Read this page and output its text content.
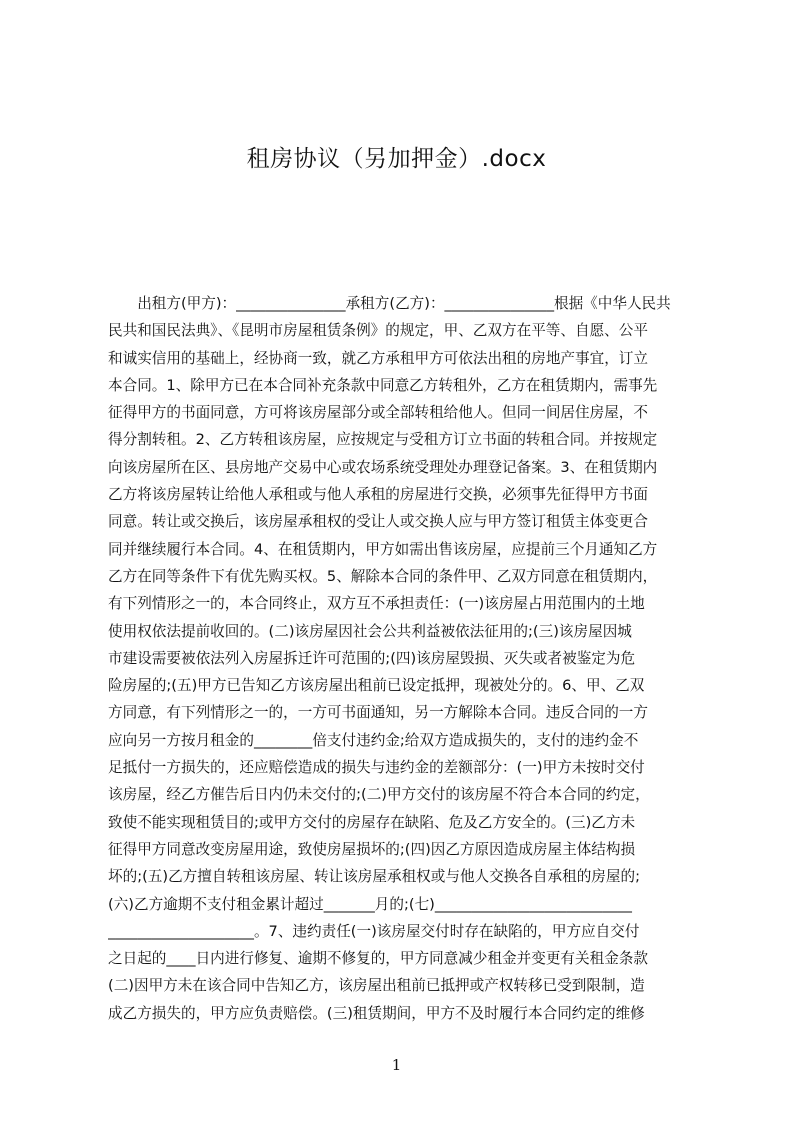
租房协议（另加押金）.docx
　　出租方(甲方)：_______________承租方(乙方)：_______________根据《中华人民共
民共和国民法典》、《昆明市房屋租赁条例》的规定，甲、乙双方在平等、自愿、公平
和诚实信用的基础上，经协商一致，就乙方承租甲方可依法出租的房地产事宜，订立
本合同。1、除甲方已在本合同补充条款中同意乙方转租外，乙方在租赁期内，需事先
征得甲方的书面同意，方可将该房屋部分或全部转租给他人。但同一间居住房屋，不
得分割转租。2、乙方转租该房屋，应按规定与受租方订立书面的转租合同。并按规定
向该房屋所在区、县房地产交易中心或农场系统受理处办理登记备案。3、在租赁期内
乙方将该房屋转让给他人承租或与他人承租的房屋进行交换，必须事先征得甲方书面
同意。转让或交换后，该房屋承租权的受让人或交换人应与甲方签订租赁主体变更合
同并继续履行本合同。4、在租赁期内，甲方如需出售该房屋，应提前三个月通知乙方
乙方在同等条件下有优先购买权。5、解除本合同的条件甲、乙双方同意在租赁期内，
有下列情形之一的，本合同终止，双方互不承担责任：(一)该房屋占用范围内的土地
使用权依法提前收回的。(二)该房屋因社会公共利益被依法征用的;(三)该房屋因城
市建设需要被依法列入房屋拆迁许可范围的;(四)该房屋毁损、灭失或者被鉴定为危
险房屋的;(五)甲方已告知乙方该房屋出租前已设定抵押，现被处分的。6、甲、乙双
方同意，有下列情形之一的，一方可书面通知，另一方解除本合同。违反合同的一方
应向另一方按月租金的________倍支付违约金;给双方造成损失的，支付的违约金不
足抵付一方损失的，还应赔偿造成的损失与违约金的差额部分：(一)甲方未按时交付
该房屋，经乙方催告后日内仍未交付的;(二)甲方交付的该房屋不符合本合同的约定，
致使不能实现租赁目的;或甲方交付的房屋存在缺陷、危及乙方安全的。(三)乙方未
征得甲方同意改变房屋用途，致使房屋损坏的;(四)因乙方原因造成房屋主体结构损
坏的;(五)乙方擅自转租该房屋、转让该房屋承租权或与他人交换各自承租的房屋的;
(六)乙方逾期不支付租金累计超过_______月的;(七)___________________________
____________________。7、违约责任(一)该房屋交付时存在缺陷的，甲方应自交付
之日起的____日内进行修复、逾期不修复的，甲方同意减少租金并变更有关租金条款
(二)因甲方未在该合同中告知乙方，该房屋出租前已抵押或产权转移已受到限制，造
成乙方损失的，甲方应负责赔偿。(三)租赁期间，甲方不及时履行本合同约定的维修
1
